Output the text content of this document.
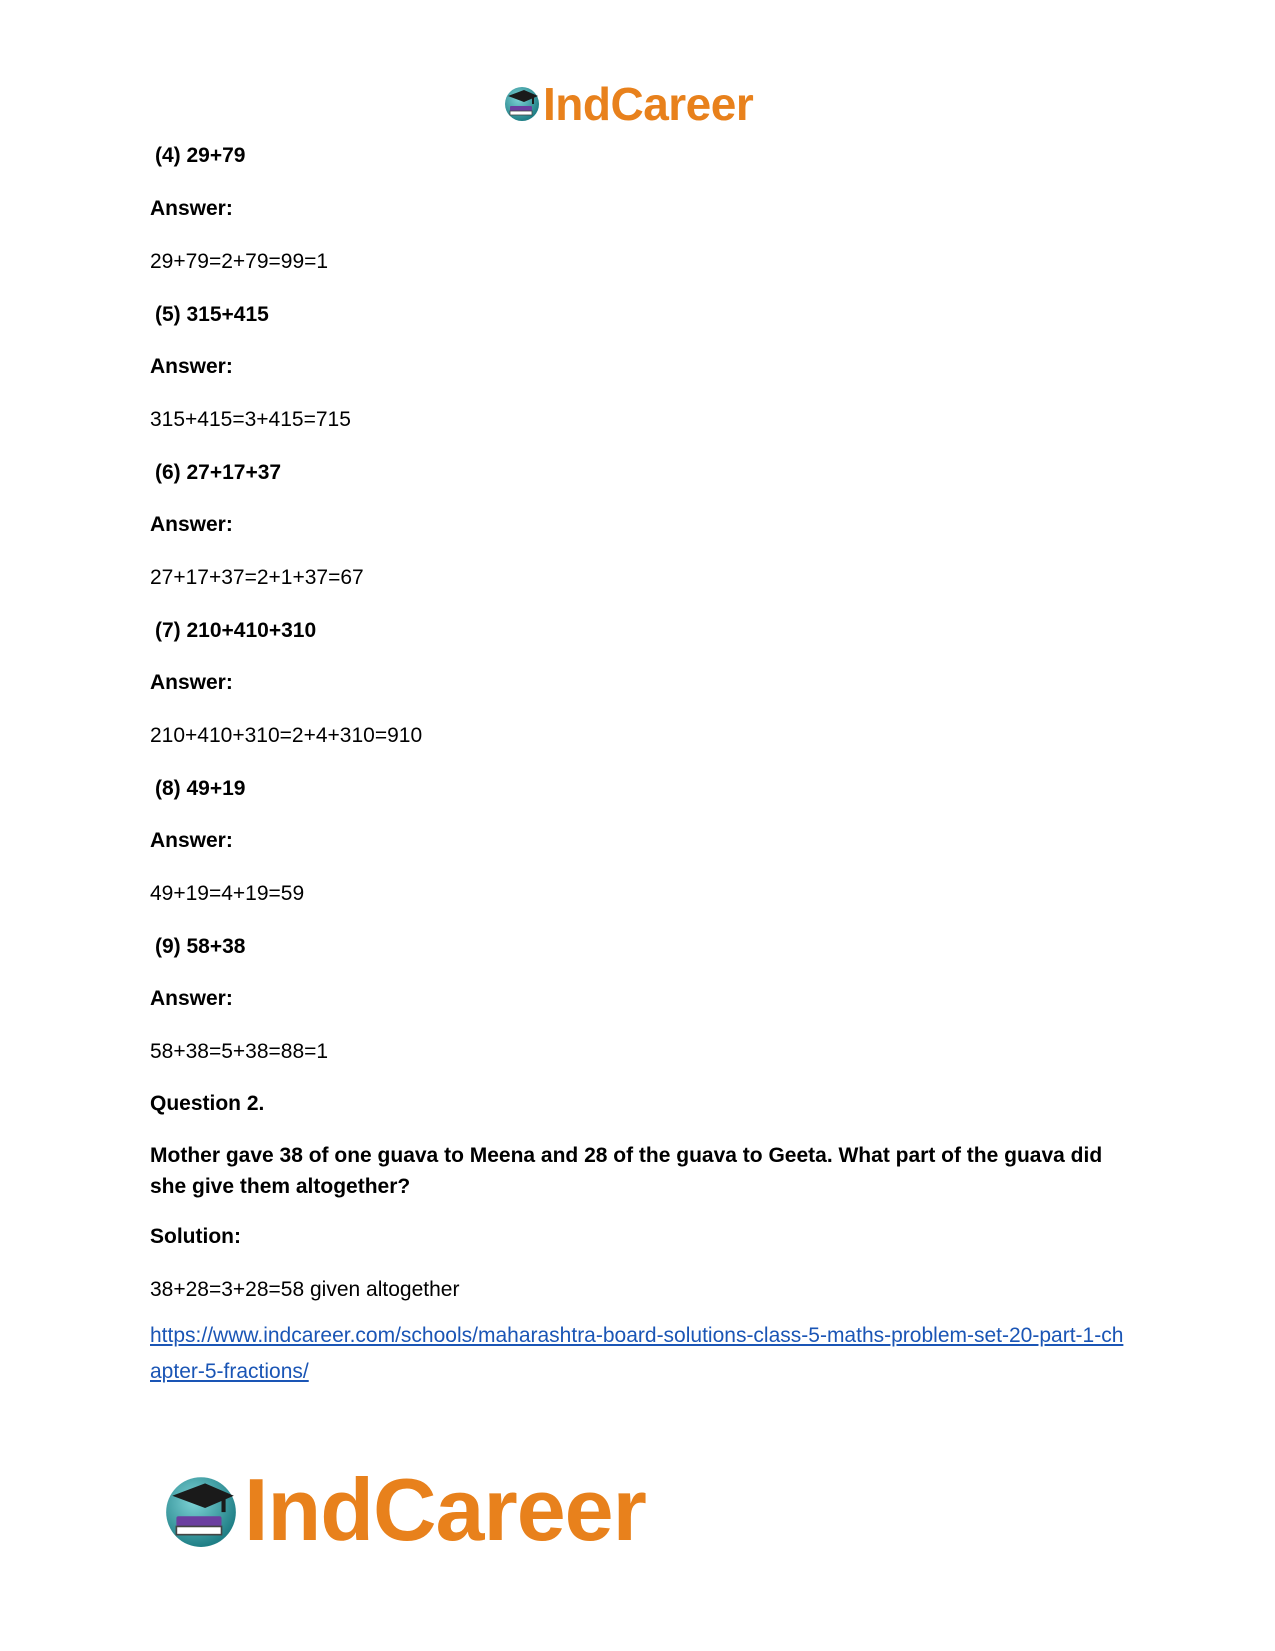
IndCareer
(4) 29+79
Answer:
29+79=2+79=99=1
(5) 315+415
Answer:
315+415=3+415=715
(6) 27+17+37
Answer:
27+17+37=2+1+37=67
(7) 210+410+310
Answer:
210+410+310=2+4+310=910
(8) 49+19
Answer:
49+19=4+19=59
(9) 58+38
Answer:
58+38=5+38=88=1
Question 2.
Mother gave 38 of one guava to Meena and 28 of the guava to Geeta. What part of the guava did she give them altogether?
Solution:
38+28=3+28=58 given altogether
https://www.indcareer.com/schools/maharashtra-board-solutions-class-5-maths-problem-set-20-part-1-chapter-5-fractions/
IndCareer
